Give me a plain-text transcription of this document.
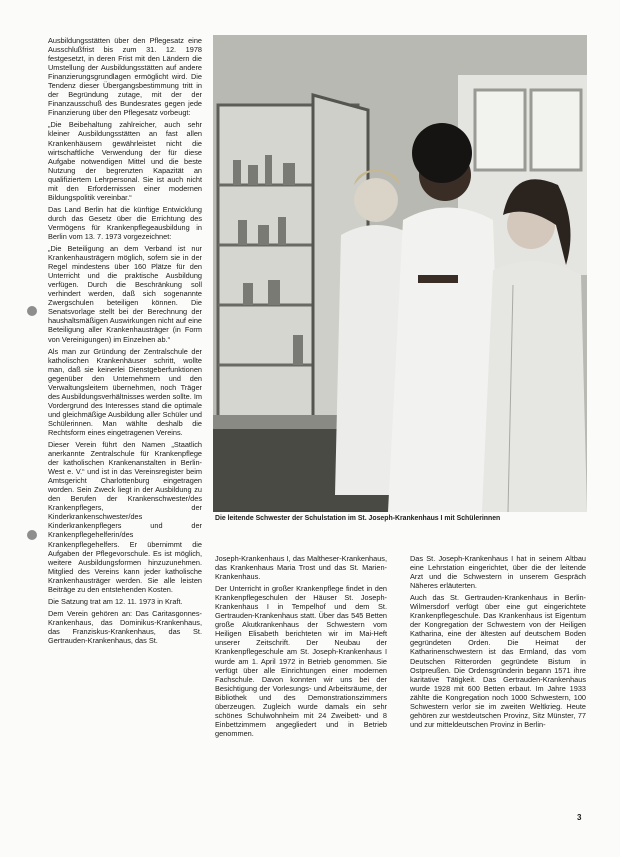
Ausbildungsstätten über den Pflegesatz eine Ausschlußfrist bis zum 31. 12. 1978 festgesetzt, in deren Frist mit den Ländern die Umstellung der Ausbildungsstätten auf andere Finanzierungsgrundlagen ermöglicht wird. Die Tendenz dieser Übergangsbestimmung tritt in der Begründung zutage, mit der der Finanzausschuß des Bundesrates gegen jede Finanzierung über den Pflegesatz vorbeugt:

„Die Beibehaltung zahlreicher, auch sehr kleiner Ausbildungsstätten an fast allen Krankenhäusern gewährleistet nicht die wirtschaftliche Verwendung der für diese Aufgabe notwendigen Mittel und die beste Nutzung der begrenzten Kapazität an qualifiziertem Lehrpersonal. Sie ist auch nicht mit den Erfordernissen einer modernen Bildungspolitik vereinbar.“

Das Land Berlin hat die künftige Entwicklung durch das Gesetz über die Errichtung des Vermögens für Krankenpflegeausbildung in Berlin vom 13. 7. 1973 vorgezeichnet:

„Die Beteiligung an dem Verband ist nur Krankenhausträgern möglich, sofern sie in der Regel mindestens über 160 Plätze für den Unterricht und die praktische Ausbildung verfügen. Durch die Beschränkung soll verhindert werden, daß sich sogenannte Zwergschulen beteiligen können. Die Senatsvorlage stellt bei der Berechnung der haushaltsmäßigen Auswirkungen nicht auf eine Beteiligung aller Krankenhausträger (in Form von Vereinigungen) im Einzelnen ab.“

Als man zur Gründung der Zentralschule der katholischen Krankenhäuser schritt, wollte man, daß sie keinerlei Dienstgeberfunktionen gegenüber den Unternehmern und den Verwaltungsleitern übernehmen, noch Träger des Ausbildungsverhältnisses werden sollte. Im Vordergrund des Interesses stand die optimale und gleichmäßige Ausbildung aller Schüler und Schülerinnen. Man wählte deshalb die Rechtsform eines eingetragenen Vereins.

Dieser Verein führt den Namen „Staatlich anerkannte Zentralschule für Krankenpflege der katholischen Krankenanstalten in Berlin-West e. V.“ und ist in das Vereinsregister beim Amtsgericht Charlottenburg eingetragen worden. Sein Zweck liegt in der Ausbildung zu den Berufen der Krankenschwester/des Krankenpflegers, der Kinderkrankenschwester/des Kinderkrankenpflegers und der Krankenpflegehelferin/des Krankenpflegehelfers. Er übernimmt die Aufgaben der Pflegevorschule. Es ist möglich, weitere Ausbildungsformen hinzuzunehmen. Mitglied des Vereins kann jeder katholische Krankenhausträger werden. Sie alle leisten Beiträge zu den entstehenden Kosten.

Die Satzung trat am 12. 11. 1973 in Kraft.

Dem Verein gehören an: Das Caritasgonnes-Krankenhaus, das Dominikus-Krankenhaus, das Franziskus-Krankenhaus, das St. Gertrauden-Krankenhaus, das St.

Die leitende Schwester der Schulstation im St. Joseph-Krankenhaus I mit Schülerinnen

Joseph-Krankenhaus I, das Maltheser-Krankenhaus, das Krankenhaus Maria Trost und das St. Marien-Krankenhaus.

Der Unterricht in großer Krankenpflege findet in den Krankenpflegeschulen der Häuser St. Joseph-Krankenhaus I in Tempelhof und dem St. Gertrauden-Krankenhaus statt. Über das 545 Betten große Akutkrankenhaus der Schwestern vom Heiligen Elisabeth berichteten wir im Mai-Heft unserer Zeitschrift. Der Neubau der Krankenpflegeschule am St. Joseph-Krankenhaus I wurde am 1. April 1972 in Betrieb genommen. Sie verfügt über alle Einrichtungen einer modernen Fachschule. Davon konnten wir uns bei der Besichtigung der Vorlesungs- und Arbeitsräume, der Bibliothek und des Demonstrationszimmers überzeugen. Zugleich wurde damals ein sehr schönes Schulwohnheim mit 24 Zweibett- und 8 Einbettzimmern angegliedert und in Betrieb genommen.

Das St. Joseph-Krankenhaus I hat in seinem Altbau eine Lehrstation eingerichtet, über die der leitende Arzt und die Schwestern in unserem Gespräch Näheres erläuterten.

Auch das St. Gertrauden-Krankenhaus in Berlin-Wilmersdorf verfügt über eine gut eingerichtete Krankenpflegeschule. Das Krankenhaus ist Eigentum der Kongregation der Schwestern von der Heiligen Katharina, eine der ältesten auf deutschem Boden gegründeten Orden. Die Heimat der Katharinenschwestern ist das Ermland, das vom Deutschen Ritterorden gegründete Bistum in Ostpreußen. Die Ordensgründerin begann 1571 ihre karitative Tätigkeit. Das Gertrauden-Krankenhaus wurde 1928 mit 600 Betten erbaut. Im Jahre 1933 zählte die Kongregation noch 1000 Schwestern, 100 Schwestern verlor sie im zweiten Weltkrieg. Heute gehören zur westdeutschen Provinz, Sitz Münster, 77 und zur mitteldeutschen Provinz in Berlin-

3
